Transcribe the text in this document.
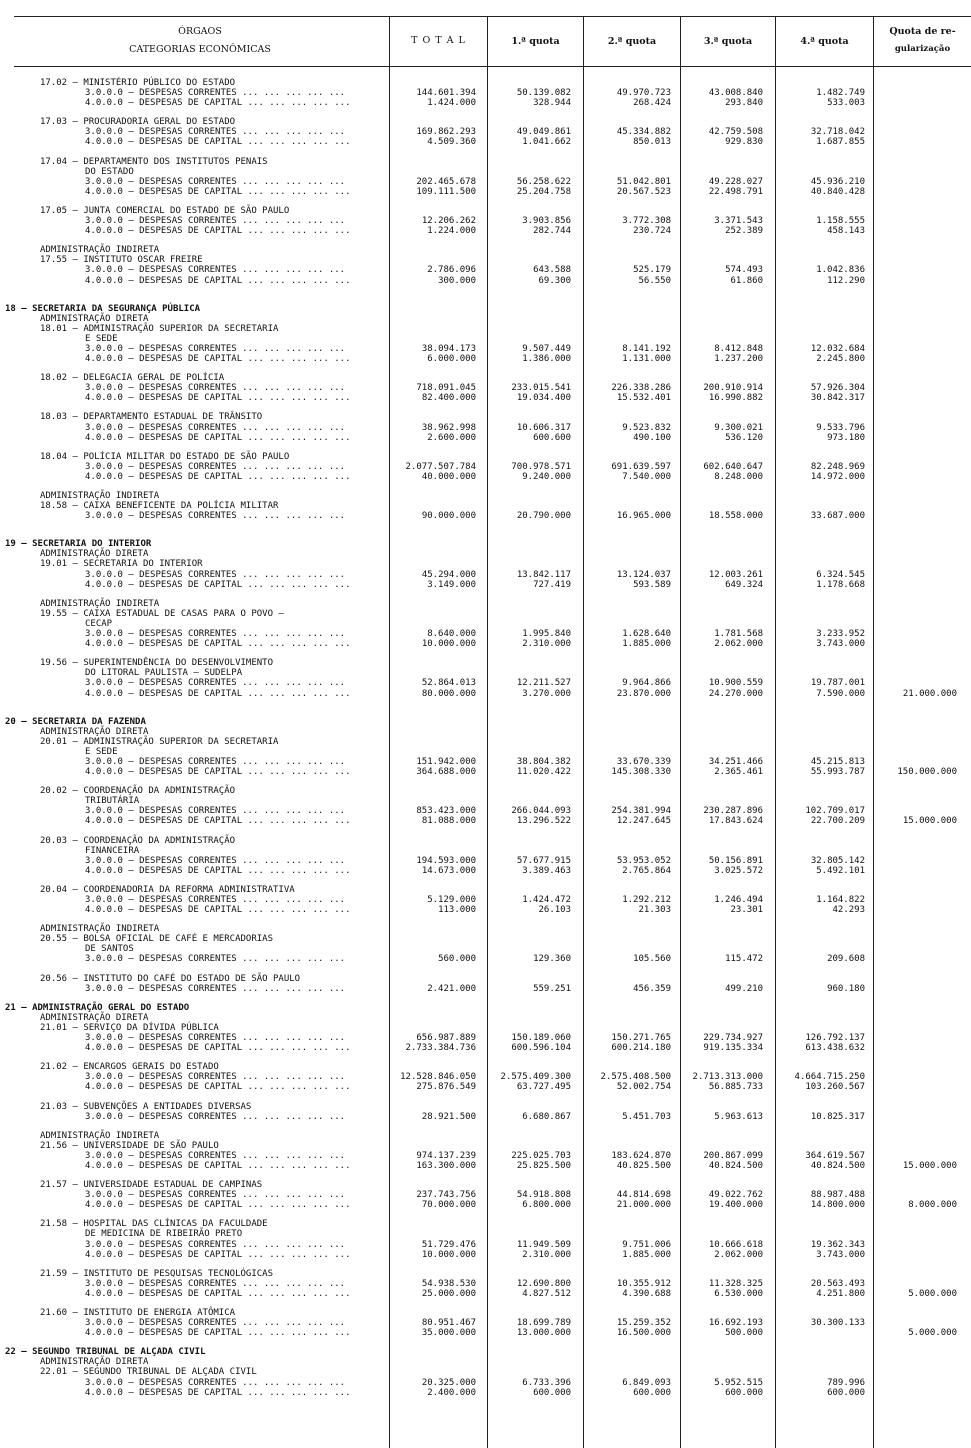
ÓRGAOS
CATEGORIAS ECONÔMICAS
T O T A L	1.ª quota	2.ª quota	3.ª quota	4.ª quota
Quota de re-
gularização
17.02 — MINISTÉRIO PÚBLICO DO ESTADO
3.0.0.0 — DESPESAS CORRENTES ... ... ... ... ...	144.601.394	50.139.082	49.970.723	43.008.840	1.482.749
4.0.0.0 — DESPESAS DE CAPITAL ... ... ... ... ...	1.424.000	328.944	268.424	293.840	533.003
17.03 — PROCURADORIA GERAL DO ESTADO
3.0.0.0 — DESPESAS CORRENTES ... ... ... ... ...	169.862.293	49.049.861	45.334.882	42.759.508	32.718.042
4.0.0.0 — DESPESAS DE CAPITAL ... ... ... ... ...	4.509.360	1.041.662	850.013	929.830	1.687.855
17.04 — DEPARTAMENTO DOS INSTITUTOS PENAIS
DO ESTADO
3.0.0.0 — DESPESAS CORRENTES ... ... ... ... ...	202.465.678	56.258.622	51.042.801	49.228.027	45.936.210
4.0.0.0 — DESPESAS DE CAPITAL ... ... ... ... ...	109.111.500	25.204.758	20.567.523	22.498.791	40.840.428
17.05 — JUNTA COMERCIAL DO ESTADO DE SÃO PAULO
3.0.0.0 — DESPESAS CORRENTES ... ... ... ... ...	12.206.262	3.903.856	3.772.308	3.371.543	1.158.555
4.0.0.0 — DESPESAS DE CAPITAL ... ... ... ... ...	1.224.000	282.744	230.724	252.389	458.143
ADMINISTRAÇÃO INDIRETA
17.55 — INSTITUTO OSCAR FREIRE
3.0.0.0 — DESPESAS CORRENTES ... ... ... ... ...	2.786.096	643.588	525.179	574.493	1.042.836
4.0.0.0 — DESPESAS DE CAPITAL ... ... ... ... ...	300.000	69.300	56.550	61.860	112.290
18 — SECRETARIA DA SEGURANÇA PÚBLICA
ADMINISTRAÇÃO DIRETA
18.01 — ADMINISTRAÇÃO SUPERIOR DA SECRETARIA
E SEDE
3.0.0.0 — DESPESAS CORRENTES ... ... ... ... ...	38.094.173	9.507.449	8.141.192	8.412.848	12.032.684
4.0.0.0 — DESPESAS DE CAPITAL ... ... ... ... ...	6.000.000	1.386.000	1.131.000	1.237.200	2.245.800
18.02 — DELEGACIA GERAL DE POLÍCIA
3.0.0.0 — DESPESAS CORRENTES ... ... ... ... ...	718.091.045	233.015.541	226.338.286	200.910.914	57.926.304
4.0.0.0 — DESPESAS DE CAPITAL ... ... ... ... ...	82.400.000	19.034.400	15.532.401	16.990.882	30.842.317
18.03 — DEPARTAMENTO ESTADUAL DE TRÂNSITO
3.0.0.0 — DESPESAS CORRENTES ... ... ... ... ...	38.962.998	10.606.317	9.523.832	9.300.021	9.533.796
4.0.0.0 — DESPESAS DE CAPITAL ... ... ... ... ...	2.600.000	600.600	490.100	536.120	973.180
18.04 — POLÍCIA MILITAR DO ESTADO DE SÃO PAULO
3.0.0.0 — DESPESAS CORRENTES ... ... ... ... ...	2.077.507.784	700.978.571	691.639.597	602.640.647	82.248.969
4.0.0.0 — DESPESAS DE CAPITAL ... ... ... ... ...	40.000.000	9.240.000	7.540.000	8.248.000	14.972.000
ADMINISTRAÇÃO INDIRETA
18.58 — CAIXA BENEFICENTE DA POLÍCIA MILITAR
3.0.0.0 — DESPESAS CORRENTES ... ... ... ... ...	90.000.000	20.790.000	16.965.000	18.558.000	33.687.000
19 — SECRETARIA DO INTERIOR
ADMINISTRAÇÃO DIRETA
19.01 — SECRETARIA DO INTERIOR
3.0.0.0 — DESPESAS CORRENTES ... ... ... ... ...	45.294.000	13.842.117	13.124.037	12.003.261	6.324.545
4.0.0.0 — DESPESAS DE CAPITAL ... ... ... ... ...	3.149.000	727.419	593.589	649.324	1.178.668
ADMINISTRAÇÃO INDIRETA
19.55 — CAIXA ESTADUAL DE CASAS PARA O POVO —
CECAP
3.0.0.0 — DESPESAS CORRENTES ... ... ... ... ...	8.640.000	1.995.840	1.628.640	1.781.568	3.233.952
4.0.0.0 — DESPESAS DE CAPITAL ... ... ... ... ...	10.000.000	2.310.000	1.885.000	2.062.000	3.743.000
19.56 — SUPERINTENDÊNCIA DO DESENVOLVIMENTO
DO LITORAL PAULISTA — SUDELPA
3.0.0.0 — DESPESAS CORRENTES ... ... ... ... ...	52.864.013	12.211.527	9.964.866	10.900.559	19.787.001
4.0.0.0 — DESPESAS DE CAPITAL ... ... ... ... ...	80.000.000	3.270.000	23.870.000	24.270.000	7.590.000	21.000.000
20 — SECRETARIA DA FAZENDA
ADMINISTRAÇÃO DIRETA
20.01 — ADMINISTRAÇÃO SUPERIOR DA SECRETARIA
E SEDE
3.0.0.0 — DESPESAS CORRENTES ... ... ... ... ...	151.942.000	38.804.382	33.670.339	34.251.466	45.215.813
4.0.0.0 — DESPESAS DE CAPITAL ... ... ... ... ...	364.688.000	11.020.422	145.308.330	2.365.461	55.993.787	150.000.000
20.02 — COORDENAÇÃO DA ADMINISTRAÇÃO
TRIBUTÁRIA
3.0.0.0 — DESPESAS CORRENTES ... ... ... ... ...	853.423.000	266.044.093	254.381.994	230.287.896	102.709.017
4.0.0.0 — DESPESAS DE CAPITAL ... ... ... ... ...	81.088.000	13.296.522	12.247.645	17.843.624	22.700.209	15.000.000
20.03 — COORDENAÇÃO DA ADMINISTRAÇÃO
FINANCEIRA
3.0.0.0 — DESPESAS CORRENTES ... ... ... ... ...	194.593.000	57.677.915	53.953.052	50.156.891	32.805.142
4.0.0.0 — DESPESAS DE CAPITAL ... ... ... ... ...	14.673.000	3.389.463	2.765.864	3.025.572	5.492.101
20.04 — COORDENADORIA DA REFORMA ADMINISTRATIVA
3.0.0.0 — DESPESAS CORRENTES ... ... ... ... ...	5.129.000	1.424.472	1.292.212	1.246.494	1.164.822
4.0.0.0 — DESPESAS DE CAPITAL ... ... ... ... ...	113.000	26.103	21.303	23.301	42.293
ADMINISTRAÇÃO INDIRETA
20.55 — BOLSA OFICIAL DE CAFÉ E MERCADORIAS
DE SANTOS
3.0.0.0 — DESPESAS CORRENTES ... ... ... ... ...	560.000	129.360	105.560	115.472	209.608
20.56 — INSTITUTO DO CAFÉ DO ESTADO DE SÃO PAULO
3.0.0.0 — DESPESAS CORRENTES ... ... ... ... ...	2.421.000	559.251	456.359	499.210	960.180
21 — ADMINISTRAÇÃO GERAL DO ESTADO
ADMINISTRAÇÃO DIRETA
21.01 — SERVIÇO DA DÍVIDA PÚBLICA
3.0.0.0 — DESPESAS CORRENTES ... ... ... ... ...	656.987.889	150.189.060	150.271.765	229.734.927	126.792.137
4.0.0.0 — DESPESAS DE CAPITAL ... ... ... ... ...	2.733.384.736	600.596.104	600.214.180	919.135.334	613.438.632
21.02 — ENCARGOS GERAIS DO ESTADO
3.0.0.0 — DESPESAS CORRENTES ... ... ... ... ...	12.528.846.050	2.575.409.300	2.575.408.500 2.713.313.000	4.664.715.250
4.0.0.0 — DESPESAS DE CAPITAL ... ... ... ... ...	275.876.549	63.727.495	52.002.754	56.885.733	103.260.567
21.03 — SUBVENÇÕES A ENTIDADES DIVERSAS
3.0.0.0 — DESPESAS CORRENTES ... ... ... ... ...	28.921.500	6.680.867	5.451.703	5.963.613	10.825.317
ADMINISTRAÇÃO INDIRETA
21.56 — UNIVERSIDADE DE SÃO PAULO
3.0.0.0 — DESPESAS CORRENTES ... ... ... ... ...	974.137.239	225.025.703	183.624.870	200.867.099	364.619.567
4.0.0.0 — DESPESAS DE CAPITAL ... ... ... ... ...	163.300.000	25.825.500	40.825.500	40.824.500	40.824.500	15.000.000
21.57 — UNIVERSIDADE ESTADUAL DE CAMPINAS
3.0.0.0 — DESPESAS CORRENTES ... ... ... ... ...	237.743.756	54.918.808	44.814.698	49.022.762	88.987.488
4.0.0.0 — DESPESAS DE CAPITAL ... ... ... ... ...	70.000.000	6.800.000	21.000.000	19.400.000	14.800.000	8.000.000
21.58 — HOSPITAL DAS CLÍNICAS DA FACULDADE
DE MEDICINA DE RIBEIRÃO PRETO
3.0.0.0 — DESPESAS CORRENTES ... ... ... ... ...	51.729.476	11.949.509	9.751.006	10.666.618	19.362.343
4.0.0.0 — DESPESAS DE CAPITAL ... ... ... ... ...	10.000.000	2.310.000	1.885.000	2.062.000	3.743.000
21.59 — INSTITUTO DE PESQUISAS TECNOLÓGICAS
3.0.0.0 — DESPESAS CORRENTES ... ... ... ... ...	54.938.530	12.690.800	10.355.912	11.328.325	20.563.493
4.0.0.0 — DESPESAS DE CAPITAL ... ... ... ... ...	25.000.000	4.827.512	4.390.688	6.530.000	4.251.800	5.000.000
21.60 — INSTITUTO DE ENERGIA ATÔMICA
3.0.0.0 — DESPESAS CORRENTES ... ... ... ... ...	80.951.467	18.699.789	15.259.352	16.692.193	30.300.133
4.0.0.0 — DESPESAS DE CAPITAL ... ... ... ... ...	35.000.000	13.000.000	16.500.000	500.000	5.000.000
22 — SEGUNDO TRIBUNAL DE ALÇADA CIVIL
ADMINISTRAÇÃO DIRETA
22.01 — SEGUNDO TRIBUNAL DE ALÇADA CIVIL
3.0.0.0 — DESPESAS CORRENTES ... ... ... ... ...	20.325.000	6.733.396	6.849.093	5.952.515	789.996
4.0.0.0 — DESPESAS DE CAPITAL ... ... ... ... ...	2.400.000	600.000	600.000	600.000	600.000
